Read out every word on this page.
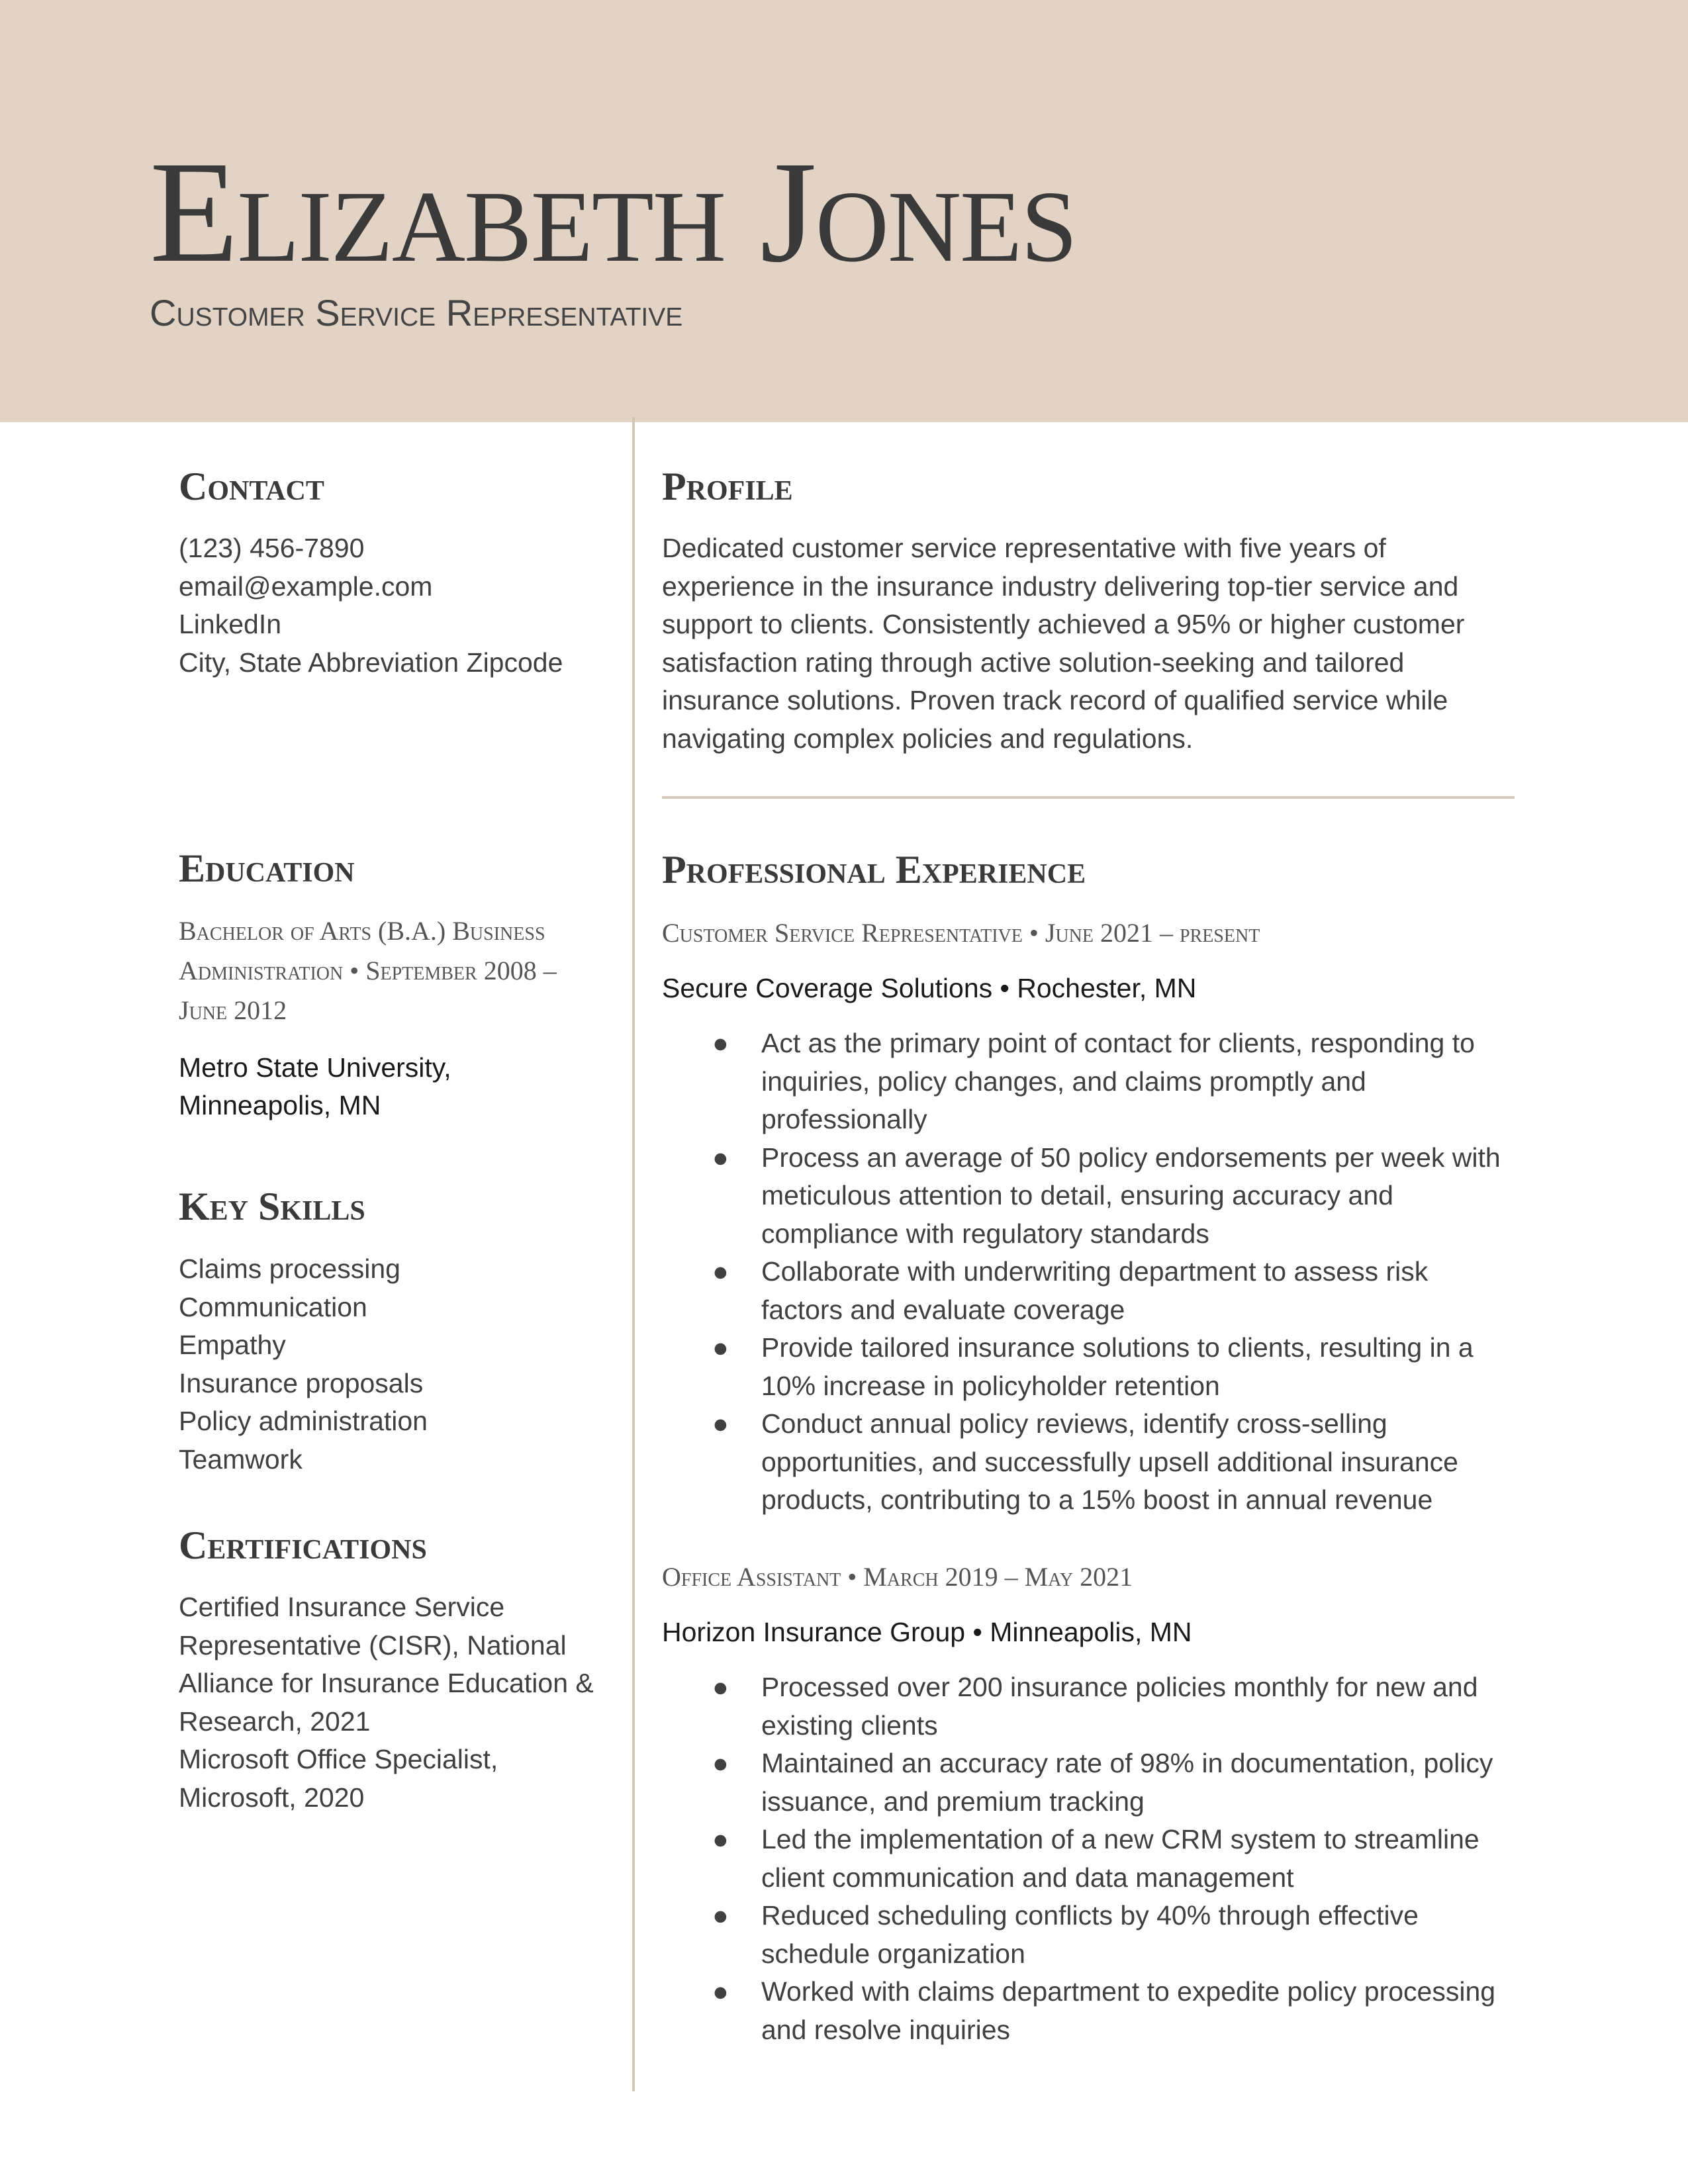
Elizabeth Jones
Customer Service Representative
Contact
(123) 456-7890
email@example.com
LinkedIn
City, State Abbreviation Zipcode
Profile
Dedicated customer service representative with five years of
experience in the insurance industry delivering top-tier service and
support to clients. Consistently achieved a 95% or higher customer
satisfaction rating through active solution-seeking and tailored
insurance solutions. Proven track record of qualified service while
navigating complex policies and regulations.
Education
Bachelor of Arts (B.A.) Business
Administration • September 2008 –
June 2012
Metro State University,
Minneapolis, MN
Key Skills
Claims processing
Communication
Empathy
Insurance proposals
Policy administration
Teamwork
Certifications
Certified Insurance Service
Representative (CISR), National
Alliance for Insurance Education &
Research, 2021
Microsoft Office Specialist,
Microsoft, 2020
Professional Experience
Customer Service Representative • June 2021 – present
Secure Coverage Solutions • Rochester, MN
● Act as the primary point of contact for clients, responding to
inquiries, policy changes, and claims promptly and
professionally
● Process an average of 50 policy endorsements per week with
meticulous attention to detail, ensuring accuracy and
compliance with regulatory standards
● Collaborate with underwriting department to assess risk
factors and evaluate coverage
● Provide tailored insurance solutions to clients, resulting in a
10% increase in policyholder retention
● Conduct annual policy reviews, identify cross-selling
opportunities, and successfully upsell additional insurance
products, contributing to a 15% boost in annual revenue
Office Assistant • March 2019 – May 2021
Horizon Insurance Group • Minneapolis, MN
● Processed over 200 insurance policies monthly for new and
existing clients
● Maintained an accuracy rate of 98% in documentation, policy
issuance, and premium tracking
● Led the implementation of a new CRM system to streamline
client communication and data management
● Reduced scheduling conflicts by 40% through effective
schedule organization
● Worked with claims department to expedite policy processing
and resolve inquiries
